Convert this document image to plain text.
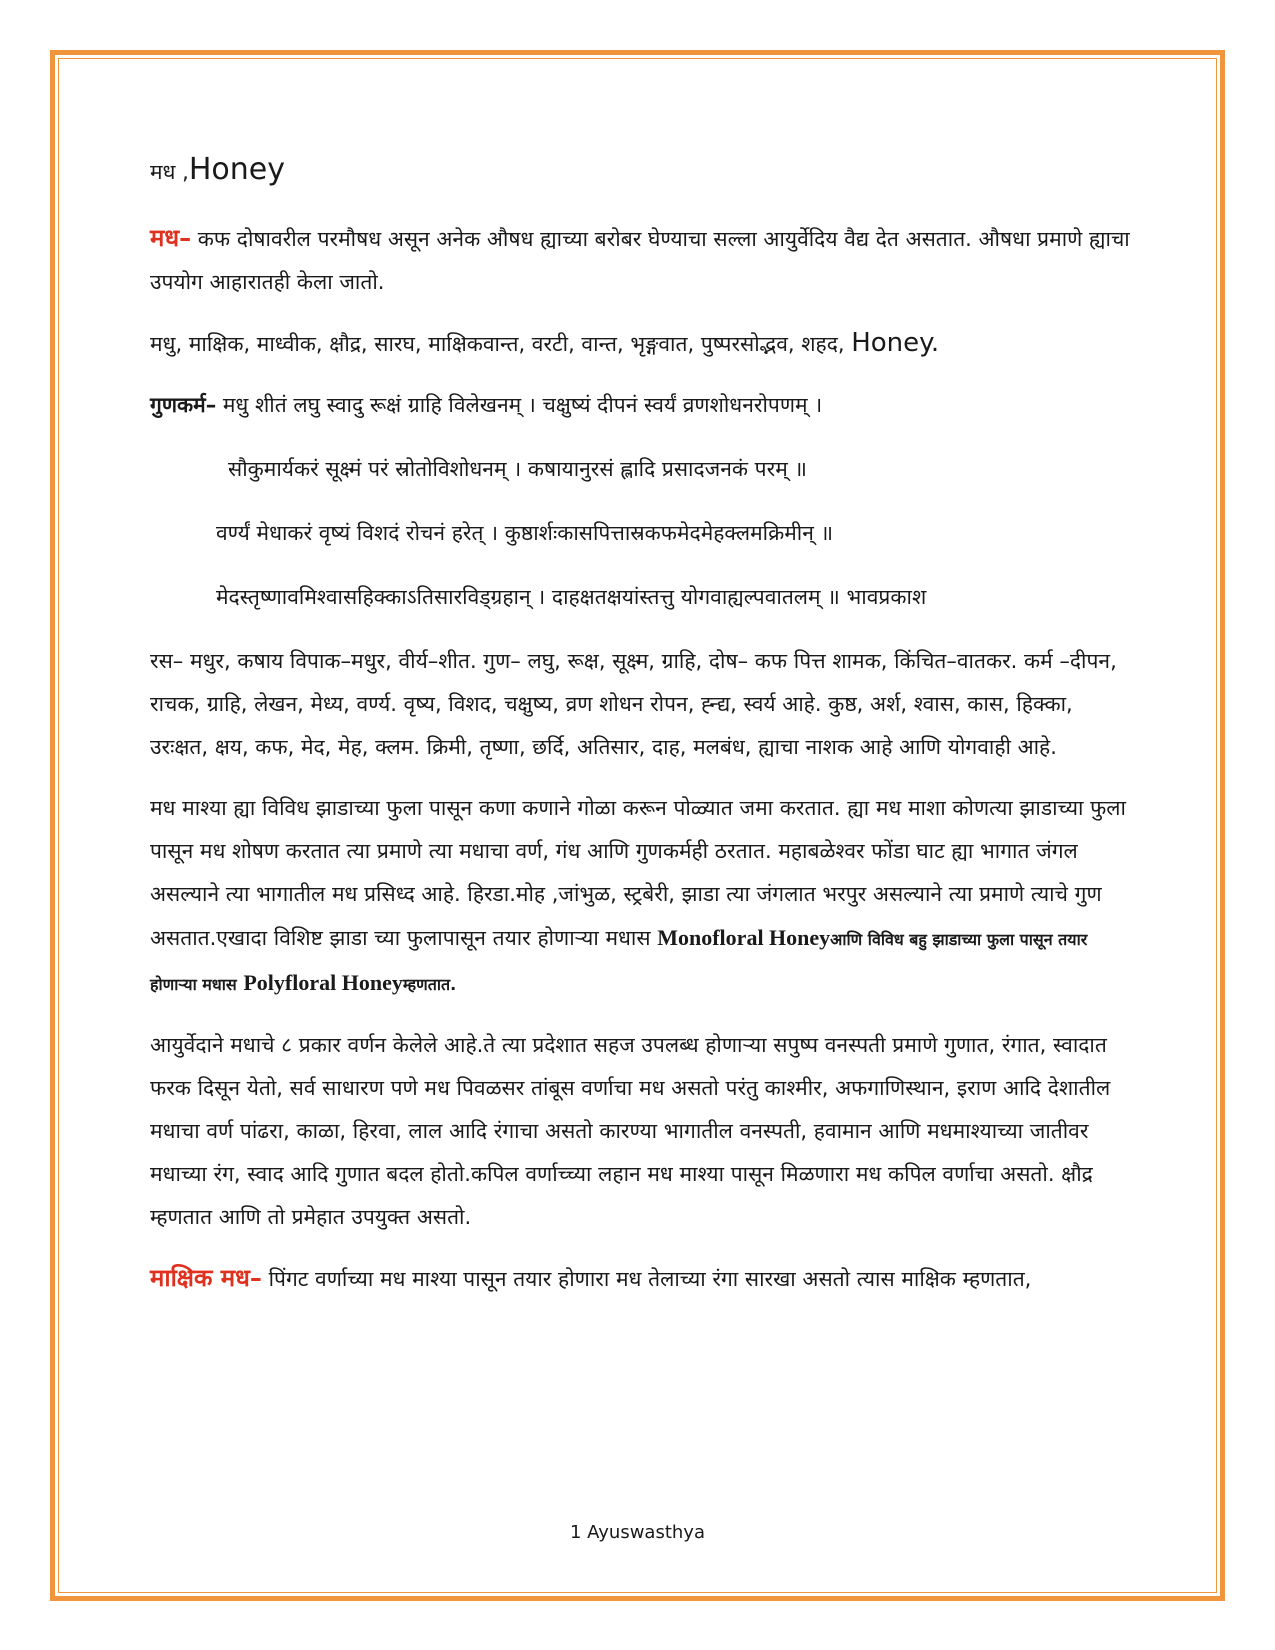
मध ,Honey

मध– कफ दोषावरील परमौषध असून अनेक औषध ह्याच्या बरोबर घेण्याचा सल्ला आयुर्वेदिय वैद्य देत असतात. औषधा प्रमाणे ह्याचा उपयोग आहारातही केला जातो.

मधु, माक्षिक, माध्वीक, क्षौद्र, सारघ, माक्षिकवान्त, वरटी, वान्त, भृङ्गवात, पुष्परसोद्भव, शहद, Honey.

गुणकर्म– मधु शीतं लघु स्वादु रूक्षं ग्राहि विलेखनम् । चक्षुष्यं दीपनं स्वर्यं व्रणशोधनरोपणम् ।
सौकुमार्यकरं सूक्ष्मं परं स्रोतोविशोधनम् । कषायानुरसं ह्लादि प्रसादजनकं परम् ॥
वर्ण्यं मेधाकरं वृष्यं विशदं रोचनं हरेत् । कुष्ठार्शःकासपित्तास्रकफमेदमेहक्लमक्रिमीन् ॥
मेदस्तृष्णावमिश्वासहिक्काऽतिसारविड्ग्रहान् । दाहक्षतक्षयांस्तत्तु योगवाह्यल्पवातलम् ॥ भावप्रकाश

रस– मधुर, कषाय विपाक–मधुर, वीर्य–शीत. गुण– लघु, रूक्ष, सूक्ष्म, ग्राहि, दोष– कफ पित्त शामक, किंचित–वातकर. कर्म –दीपन, राचक, ग्राहि, लेखन, मेध्य, वर्ण्य. वृष्य, विशद, चक्षुष्य, व्रण शोधन रोपन, ह्न्द्य, स्वर्य आहे. कुष्ठ, अर्श, श्वास, कास, हिक्का, उरःक्षत, क्षय, कफ, मेद, मेह, क्लम. क्रिमी, तृष्णा, छर्दि, अतिसार, दाह, मलबंध, ह्याचा नाशक आहे आणि योगवाही आहे.

मध माश्या ह्या विविध झाडाच्या फुला पासून कणा कणाने गोळा करून पोळ्यात जमा करतात. ह्या मध माशा कोणत्या झाडाच्या फुला पासून मध शोषण करतात त्या प्रमाणे त्या मधाचा वर्ण, गंध आणि गुणकर्मही ठरतात. महाबळेश्वर फोंडा घाट ह्या भागात जंगल असल्याने त्या भागातील मध प्रसिध्द आहे. हिरडा.मोह ,जांभुळ, स्ट्रबेरी, झाडा त्या जंगलात भरपुर असल्याने त्या प्रमाणे त्याचे गुण असतात.एखादा विशिष्ट झाडा च्या फुलापासून तयार होणाऱ्या मधास Monofloral Honeyआणि विविध बहु झाडाच्या फुला पासून तयार होणाऱ्या मधास Polyfloral Honeyम्हणतात.

आयुर्वेदाने मधाचे ८ प्रकार वर्णन केलेले आहे.ते त्या प्रदेशात सहज उपलब्ध होणाऱ्या सपुष्प वनस्पती प्रमाणे गुणात, रंगात, स्वादात फरक दिसून येतो, सर्व साधारण पणे मध पिवळसर तांबूस वर्णाचा मध असतो परंतु काश्मीर, अफगाणिस्थान, इराण आदि देशातील मधाचा वर्ण पांढरा, काळा, हिरवा, लाल आदि रंगाचा असतो कारण्या भागातील वनस्पती, हवामान आणि मधमाश्याच्या जातीवर मधाच्या रंग, स्वाद आदि गुणात बदल होतो.कपिल वर्णाच्च्या लहान मध माश्या पासून मिळणारा मध कपिल वर्णाचा असतो. क्षौद्र म्हणतात आणि तो प्रमेहात उपयुक्त असतो.

माक्षिक मध– पिंगट वर्णाच्या मध माश्या पासून तयार होणारा मध तेलाच्या रंगा सारखा असतो त्यास माक्षिक म्हणतात,

1 Ayuswasthya
